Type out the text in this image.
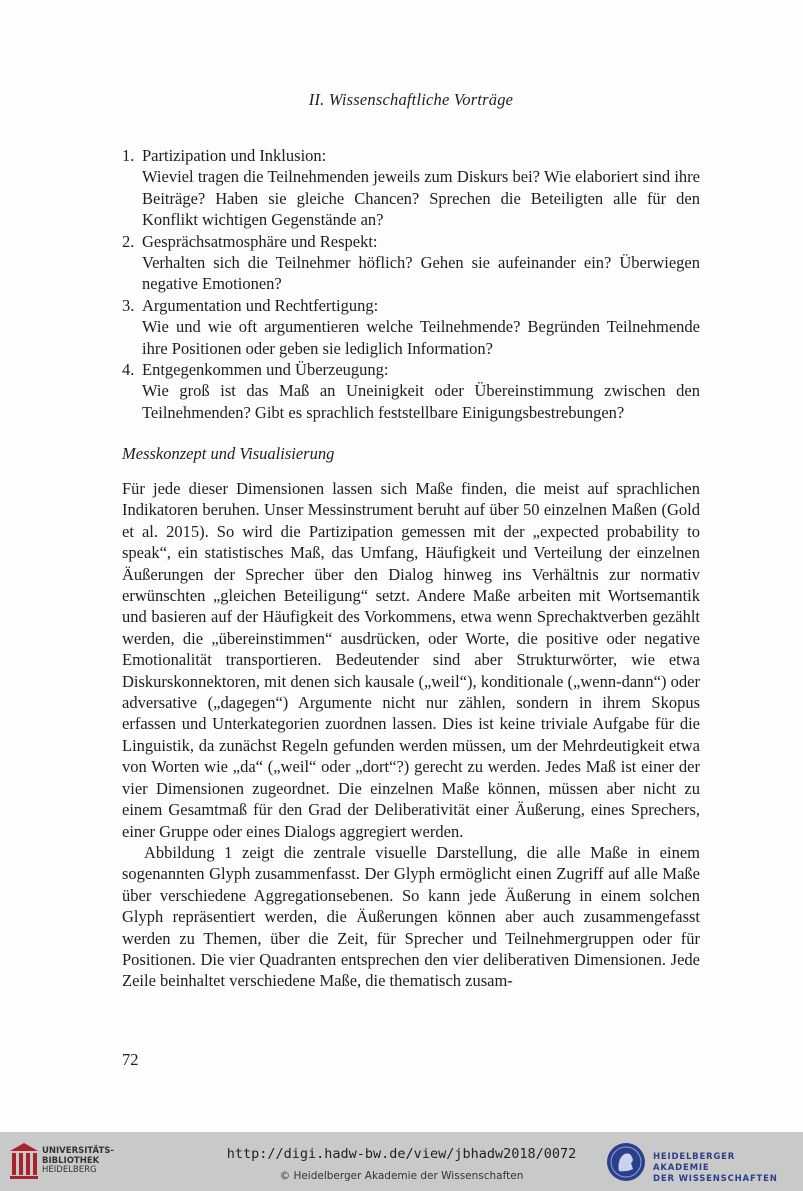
II. Wissenschaftliche Vorträge
1. Partizipation und Inklusion:
Wieviel tragen die Teilnehmenden jeweils zum Diskurs bei? Wie elaboriert sind ihre Beiträge? Haben sie gleiche Chancen? Sprechen die Beteiligten alle für den Konflikt wichtigen Gegenstände an?
2. Gesprächsatmosphäre und Respekt:
Verhalten sich die Teilnehmer höflich? Gehen sie aufeinander ein? Überwiegen negative Emotionen?
3. Argumentation und Rechtfertigung:
Wie und wie oft argumentieren welche Teilnehmende? Begründen Teilnehmende ihre Positionen oder geben sie lediglich Information?
4. Entgegenkommen und Überzeugung:
Wie groß ist das Maß an Uneinigkeit oder Übereinstimmung zwischen den Teilnehmenden? Gibt es sprachlich feststellbare Einigungsbestrebungen?
Messkonzept und Visualisierung

Für jede dieser Dimensionen lassen sich Maße finden, die meist auf sprachlichen Indikatoren beruhen. Unser Messinstrument beruht auf über 50 einzelnen Maßen (Gold et al. 2015). So wird die Partizipation gemessen mit der „expected probability to speak“, ein statistisches Maß, das Umfang, Häufigkeit und Verteilung der einzelnen Äußerungen der Sprecher über den Dialog hinweg ins Verhältnis zur normativ erwünschten „gleichen Beteiligung“ setzt. Andere Maße arbeiten mit Wortsemantik und basieren auf der Häufigkeit des Vorkommens, etwa wenn Sprechaktverben gezählt werden, die „übereinstimmen“ ausdrücken, oder Worte, die positive oder negative Emotionalität transportieren. Bedeutender sind aber Strukturwörter, wie etwa Diskurskonnektoren, mit denen sich kausale („weil“), konditionale („wenn-dann“) oder adversative („dagegen“) Argumente nicht nur zählen, sondern in ihrem Skopus erfassen und Unterkategorien zuordnen lassen. Dies ist keine triviale Aufgabe für die Linguistik, da zunächst Regeln gefunden werden müssen, um der Mehrdeutigkeit etwa von Worten wie „da“ („weil“ oder „dort“?) gerecht zu werden. Jedes Maß ist einer der vier Dimensionen zugeordnet. Die einzelnen Maße können, müssen aber nicht zu einem Gesamtmaß für den Grad der Deliberativität einer Äußerung, eines Sprechers, einer Gruppe oder eines Dialogs aggregiert werden.

Abbildung 1 zeigt die zentrale visuelle Darstellung, die alle Maße in einem sogenannten Glyph zusammenfasst. Der Glyph ermöglicht einen Zugriff auf alle Maße über verschiedene Aggregationsebenen. So kann jede Äußerung in einem solchen Glyph repräsentiert werden, die Äußerungen können aber auch zusammengefasst werden zu Themen, über die Zeit, für Sprecher und Teilnehmergruppen oder für Positionen. Die vier Quadranten entsprechen den vier deliberativen Dimensionen. Jede Zeile beinhaltet verschiedene Maße, die thematisch zusam-

72
UNIVERSITÄTS-
BIBLIOTHEK
HEIDELBERG
http://digi.hadw-bw.de/view/jbhadw2018/0072
© Heidelberger Akademie der Wissenschaften
HEIDELBERGER AKADEMIE
DER WISSENSCHAFTEN
